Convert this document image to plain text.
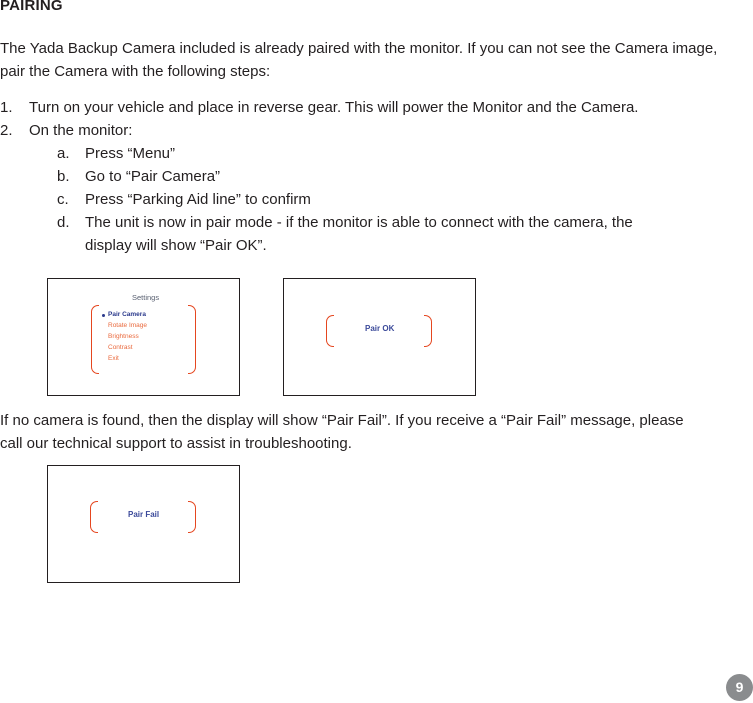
PAIRING
The Yada Backup Camera included is already paired with the monitor. If you can not see the Camera image, pair the Camera with the following steps:
1. Turn on your vehicle and place in reverse gear. This will power the Monitor and the Camera.
2. On the monitor:
a. Press “Menu”
b. Go to “Pair Camera”
c. Press “Parking Aid line” to confirm
d. The unit is now in pair mode - if the monitor is able to connect with the camera, the display will show “Pair OK”.
Settings
Pair Camera
Rotate Image
Brightness
Contrast
Exit
Pair OK
If no camera is found, then the display will show “Pair Fail”. If you receive a “Pair Fail” message, please call our technical support to assist in troubleshooting.
Pair Fail
9
